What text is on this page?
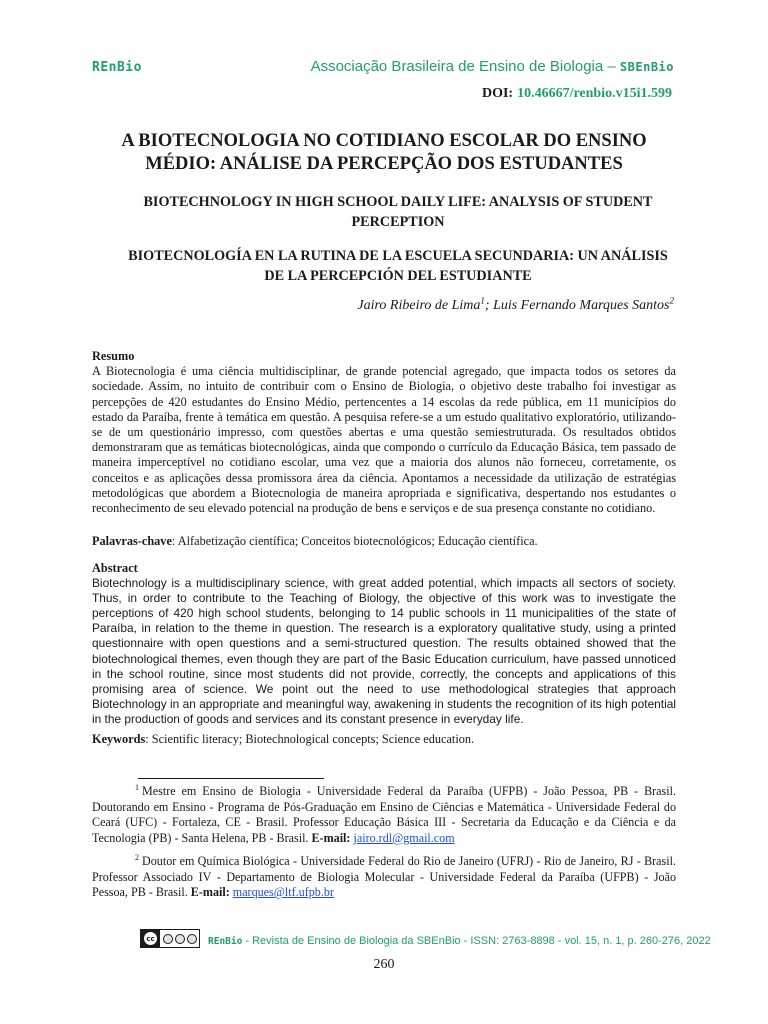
REnBio	Associação Brasileira de Ensino de Biologia – SBEnBio
DOI: 10.46667/renbio.v15i1.599
A BIOTECNOLOGIA NO COTIDIANO ESCOLAR DO ENSINO MÉDIO: ANÁLISE DA PERCEPÇÃO DOS ESTUDANTES
BIOTECHNOLOGY IN HIGH SCHOOL DAILY LIFE: ANALYSIS OF STUDENT PERCEPTION
BIOTECNOLOGÍA EN LA RUTINA DE LA ESCUELA SECUNDARIA: UN ANÁLISIS DE LA PERCEPCIÓN DEL ESTUDIANTE
Jairo Ribeiro de Lima$^1$; Luis Fernando Marques Santos$^2$

Resumo

A Biotecnologia é uma ciência multidisciplinar, de grande potencial agregado, que impacta todos os setores da sociedade. Assim, no intuito de contribuir com o Ensino de Biologia, o objetivo deste trabalho foi investigar as percepções de 420 estudantes do Ensino Médio, pertencentes a 14 escolas da rede pública, em 11 municípios do estado da Paraíba, frente à temática em questão. A pesquisa refere-se a um estudo qualitativo exploratório, utilizando-se de um questionário impresso, com questões abertas e uma questão semiestruturada. Os resultados obtidos demonstraram que as temáticas biotecnológicas, ainda que compondo o currículo da Educação Básica, tem passado de maneira imperceptível no cotidiano escolar, uma vez que a maioria dos alunos não forneceu, corretamente, os conceitos e as aplicações dessa promissora área da ciência. Apontamos a necessidade da utilização de estratégias metodológicas que abordem a Biotecnologia de maneira apropriada e significativa, despertando nos estudantes o reconhecimento de seu elevado potencial na produção de bens e serviços e de sua presença constante no cotidiano.

Palavras-chave: Alfabetização científica; Conceitos biotecnológicos; Educação científica.

Abstract

Biotechnology is a multidisciplinary science, with great added potential, which impacts all sectors of society. Thus, in order to contribute to the Teaching of Biology, the objective of this work was to investigate the perceptions of 420 high school students, belonging to 14 public schools in 11 municipalities of the state of Paraíba, in relation to the theme in question. The research is a exploratory qualitative study, using a printed questionnaire with open questions and a semi-structured question. The results obtained showed that the biotechnological themes, even though they are part of the Basic Education curriculum, have passed unnoticed in the school routine, since most students did not provide, correctly, the concepts and applications of this promising area of science. We point out the need to use methodological strategies that approach Biotechnology in an appropriate and meaningful way, awakening in students the recognition of its high potential in the production of goods and services and its constant presence in everyday life.

Keywords: Scientific literacy; Biotechnological concepts; Science education.

$^1$ Mestre em Ensino de Biologia - Universidade Federal da Paraíba (UFPB) - João Pessoa, PB - Brasil. Doutorando em Ensino - Programa de Pós-Graduação em Ensino de Ciências e Matemática - Universidade Federal do Ceará (UFC) - Fortaleza, CE - Brasil. Professor Educação Básica III - Secretaria da Educação e da Ciência e da Tecnologia (PB) - Santa Helena, PB - Brasil. E-mail: jairo.rdl@gmail.com
$^2$ Doutor em Química Biológica - Universidade Federal do Rio de Janeiro (UFRJ) - Rio de Janeiro, RJ - Brasil. Professor Associado IV - Departamento de Biologia Molecular - Universidade Federal da Paraíba (UFPB) - João Pessoa, PB - Brasil. E-mail: marques@ltf.ufpb.br
cc	REnBio - Revista de Ensino de Biologia da SBEnBio - ISSN: 2763-8898 - vol. 15, n. 1, p. 260-276, 2022
260
